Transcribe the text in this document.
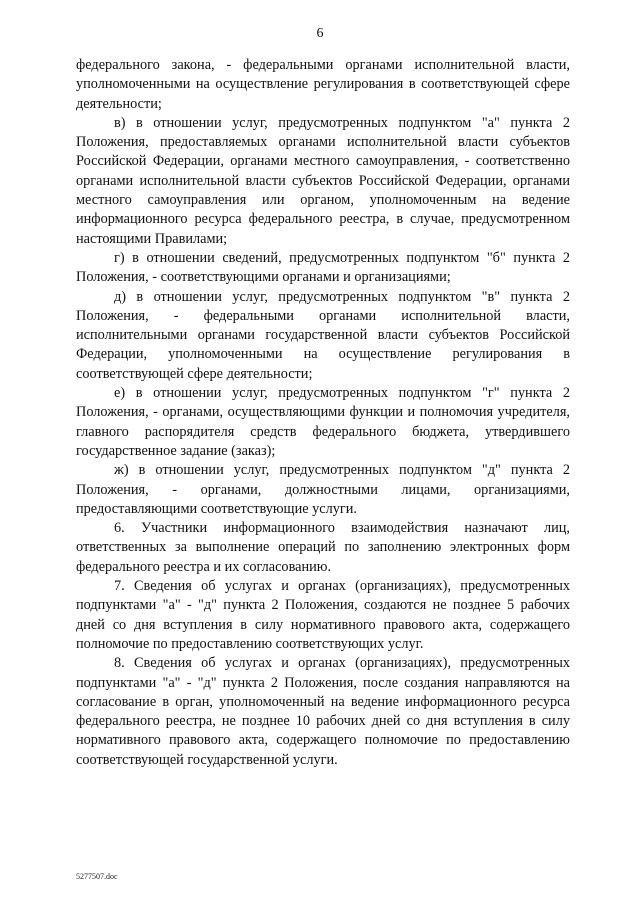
6

федерального закона, - федеральными органами исполнительной власти, уполномоченными на осуществление регулирования в соответствующей сфере деятельности;

в) в отношении услуг, предусмотренных подпунктом "а" пункта 2 Положения, предоставляемых органами исполнительной власти субъектов Российской Федерации, органами местного самоуправления, - соответственно органами исполнительной власти субъектов Российской Федерации, органами местного самоуправления или органом, уполномоченным на ведение информационного ресурса федерального реестра, в случае, предусмотренном настоящими Правилами;

г) в отношении сведений, предусмотренных подпунктом "б" пункта 2 Положения, - соответствующими органами и организациями;

д) в отношении услуг, предусмотренных подпунктом "в" пункта 2 Положения, - федеральными органами исполнительной власти, исполнительными органами государственной власти субъектов Российской Федерации, уполномоченными на осуществление регулирования в соответствующей сфере деятельности;

е) в отношении услуг, предусмотренных подпунктом "г" пункта 2 Положения, - органами, осуществляющими функции и полномочия учредителя, главного распорядителя средств федерального бюджета, утвердившего государственное задание (заказ);

ж) в отношении услуг, предусмотренных подпунктом "д" пункта 2 Положения, - органами, должностными лицами, организациями, предоставляющими соответствующие услуги.

6. Участники информационного взаимодействия назначают лиц, ответственных за выполнение операций по заполнению электронных форм федерального реестра и их согласованию.

7. Сведения об услугах и органах (организациях), предусмотренных подпунктами "а" - "д" пункта 2 Положения, создаются не позднее 5 рабочих дней со дня вступления в силу нормативного правового акта, содержащего полномочие по предоставлению соответствующих услуг.

8. Сведения об услугах и органах (организациях), предусмотренных подпунктами "а" - "д" пункта 2 Положения, после создания направляются на согласование в орган, уполномоченный на ведение информационного ресурса федерального реестра, не позднее 10 рабочих дней со дня вступления в силу нормативного правового акта, содержащего полномочие по предоставлению соответствующей государственной услуги.

5277507.doc
